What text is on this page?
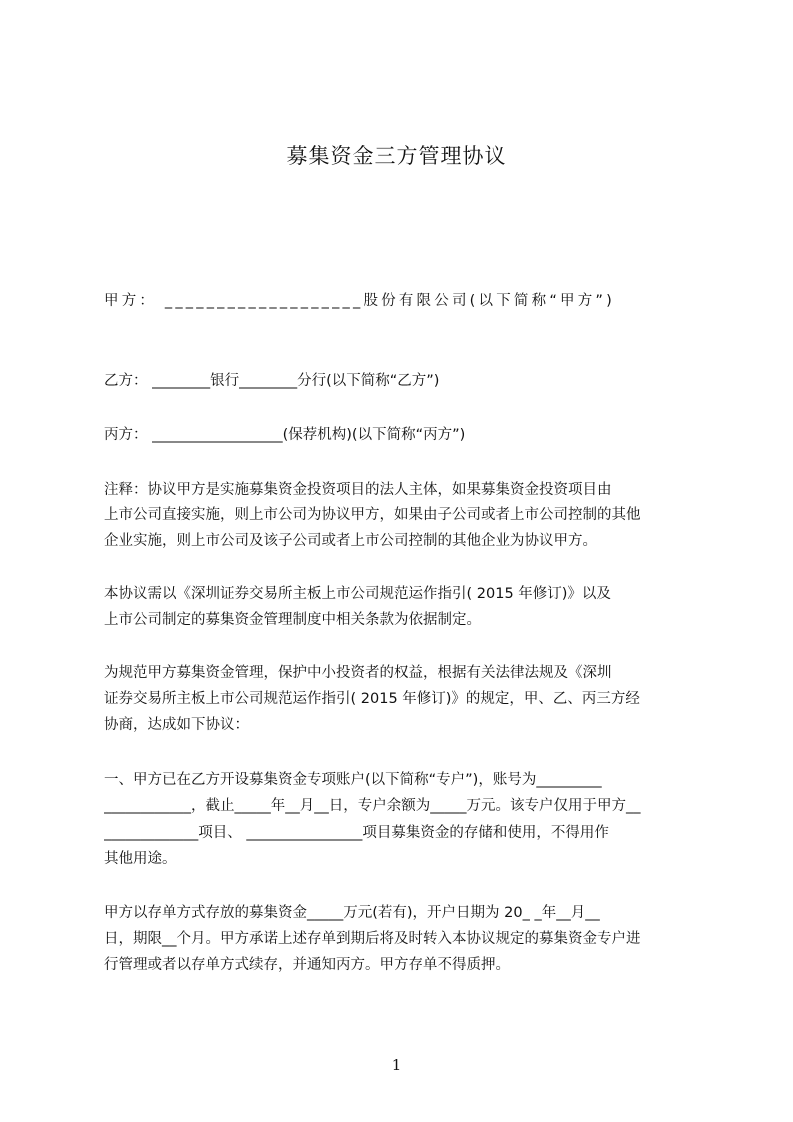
募集资金三方管理协议
甲方： ___________________股份有限公司(以下简称“甲方”)
乙方： ________银行________分行(以下简称“乙方”)
丙方： __________________(保荐机构)(以下简称“丙方”)
注释：协议甲方是实施募集资金投资项目的法人主体，如果募集资金投资项目由
上市公司直接实施，则上市公司为协议甲方，如果由子公司或者上市公司控制的其他
企业实施，则上市公司及该子公司或者上市公司控制的其他企业为协议甲方。
本协议需以《深圳证券交易所主板上市公司规范运作指引( 2015 年修订)》以及
上市公司制定的募集资金管理制度中相关条款为依据制定。
为规范甲方募集资金管理，保护中小投资者的权益，根据有关法律法规及《深圳
证券交易所主板上市公司规范运作指引( 2015 年修订)》的规定，甲、乙、丙三方经
协商，达成如下协议：
一、甲方已在乙方开设募集资金专项账户(以下简称“专户”)，账号为_________
____________，截止_____年__月__日，专户余额为_____万元。该专户仅用于甲方__
_____________项目、 ________________项目募集资金的存储和使用，不得用作
其他用途。
甲方以存单方式存放的募集资金_____万元(若有)，开户日期为 20_ _年__月__
日，期限__个月。甲方承诺上述存单到期后将及时转入本协议规定的募集资金专户进
行管理或者以存单方式续存，并通知丙方。甲方存单不得质押。
1
